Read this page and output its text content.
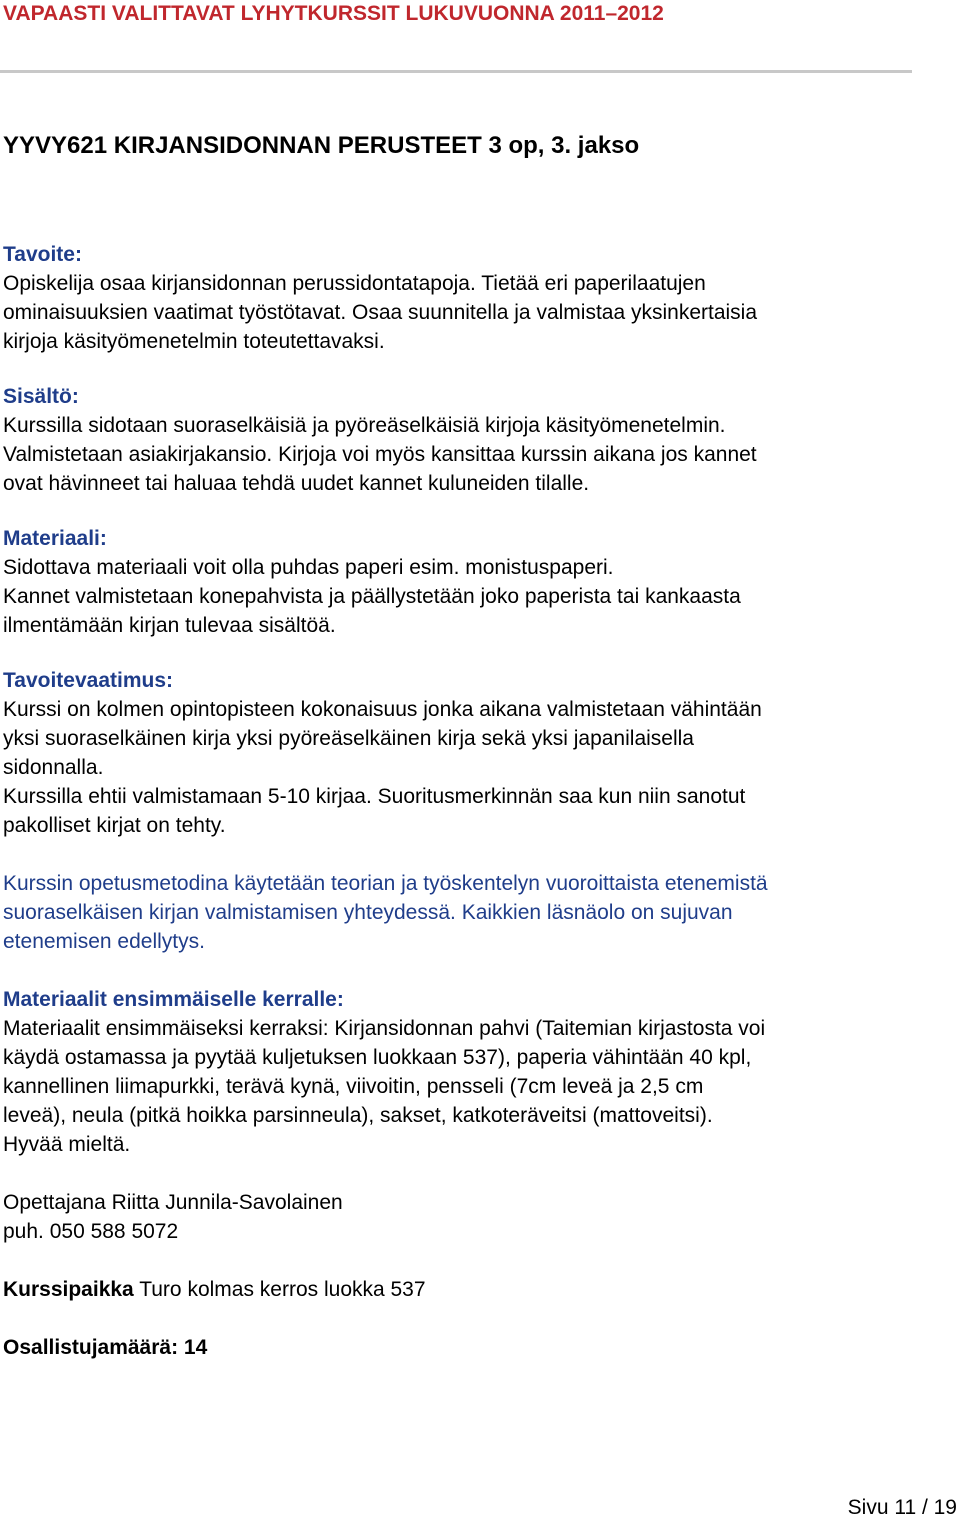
VAPAASTI VALITTAVAT LYHYTKURSSIT LUKUVUONNA 2011–2012
YYVY621 KIRJANSIDONNAN PERUSTEET 3 op, 3. jakso

Tavoite:

Opiskelija osaa kirjansidonnan perussidontatapoja. Tietää eri paperilaatujen

ominaisuuksien vaatimat työstötavat. Osaa suunnitella ja valmistaa yksinkertaisia

kirjoja käsityömenetelmin toteutettavaksi.

Sisältö:

Kurssilla sidotaan suoraselkäisiä ja pyöreäselkäisiä kirjoja käsityömenetelmin.

Valmistetaan asiakirjakansio. Kirjoja voi myös kansittaa kurssin aikana jos kannet

ovat hävinneet tai haluaa tehdä uudet kannet kuluneiden tilalle.

Materiaali:

Sidottava materiaali voit olla puhdas paperi esim. monistuspaperi.

Kannet valmistetaan konepahvista ja päällystetään joko paperista tai kankaasta

ilmentämään kirjan tulevaa sisältöä.

Tavoitevaatimus:

Kurssi on kolmen opintopisteen kokonaisuus jonka aikana valmistetaan vähintään

yksi suoraselkäinen kirja yksi pyöreäselkäinen kirja sekä yksi japanilaisella

sidonnalla.

Kurssilla ehtii valmistamaan 5-10 kirjaa. Suoritusmerkinnän saa kun niin sanotut

pakolliset kirjat on tehty.

Kurssin opetusmetodina käytetään teorian ja työskentelyn vuoroittaista etenemistä

suoraselkäisen kirjan valmistamisen yhteydessä. Kaikkien läsnäolo on sujuvan

etenemisen edellytys.

Materiaalit ensimmäiselle kerralle:

Materiaalit ensimmäiseksi kerraksi: Kirjansidonnan pahvi (Taitemian kirjastosta voi

käydä ostamassa ja pyytää kuljetuksen luokkaan 537), paperia vähintään 40 kpl,

kannellinen liimapurkki, terävä kynä, viivoitin, pensseli (7cm leveä ja 2,5 cm

leveä), neula (pitkä hoikka parsinneula), sakset, katkoteräveitsi (mattoveitsi).

Hyvää mieltä.

Opettajana Riitta Junnila-Savolainen

puh. 050 588 5072

Kurssipaikka Turo kolmas kerros luokka 537

Osallistujamäärä: 14

Sivu 11 / 19
